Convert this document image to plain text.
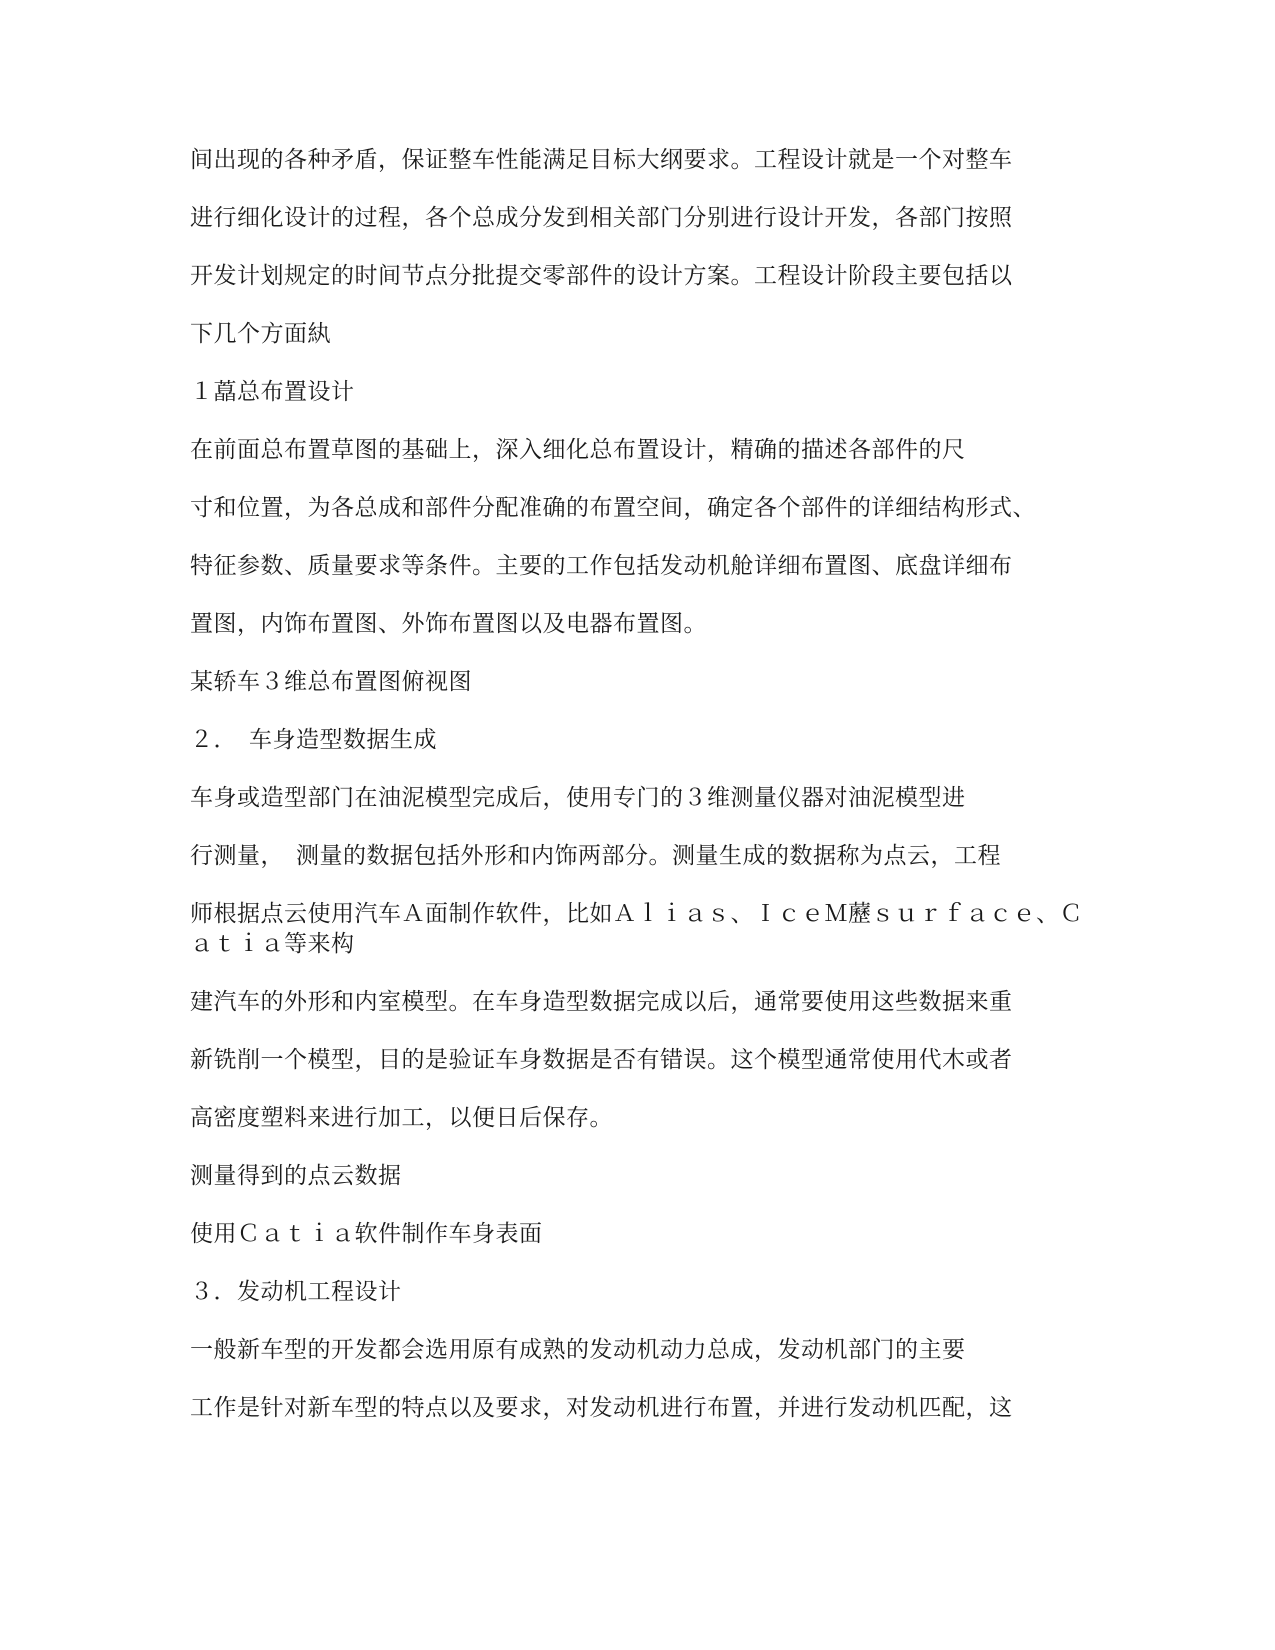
间出现的各种矛盾，保证整车性能满足目标大纲要求。工程设计就是一个对整车
进行细化设计的过程，各个总成分发到相关部门分别进行设计开发，各部门按照
开发计划规定的时间节点分批提交零部件的设计方案。工程设计阶段主要包括以
下几个方面紈
１藠总布置设计
在前面总布置草图的基础上，深入细化总布置设计，精确的描述各部件的尺
寸和位置，为各总成和部件分配准确的布置空间，确定各个部件的详细结构形式、
特征参数、质量要求等条件。主要的工作包括发动机舱详细布置图、底盘详细布
置图，内饰布置图、外饰布置图以及电器布置图。
某轿车３维总布置图俯视图
２．　车身造型数据生成
车身或造型部门在油泥模型完成后，使用专门的３维测量仪器对油泥模型进
行测量，　测量的数据包括外形和内饰两部分。测量生成的数据称为点云，工程
师根据点云使用汽车Ａ面制作软件，比如Ａｌｉａｓ、ＩｃｅＭ藶ｓｕｒｆａｃｅ、Ｃａｔｉａ等来构
建汽车的外形和内室模型。在车身造型数据完成以后，通常要使用这些数据来重
新铣削一个模型，目的是验证车身数据是否有错误。这个模型通常使用代木或者
高密度塑料来进行加工，以便日后保存。
测量得到的点云数据
使用Ｃａｔｉａ软件制作车身表面
３．发动机工程设计
一般新车型的开发都会选用原有成熟的发动机动力总成，发动机部门的主要
工作是针对新车型的特点以及要求，对发动机进行布置，并进行发动机匹配，这
